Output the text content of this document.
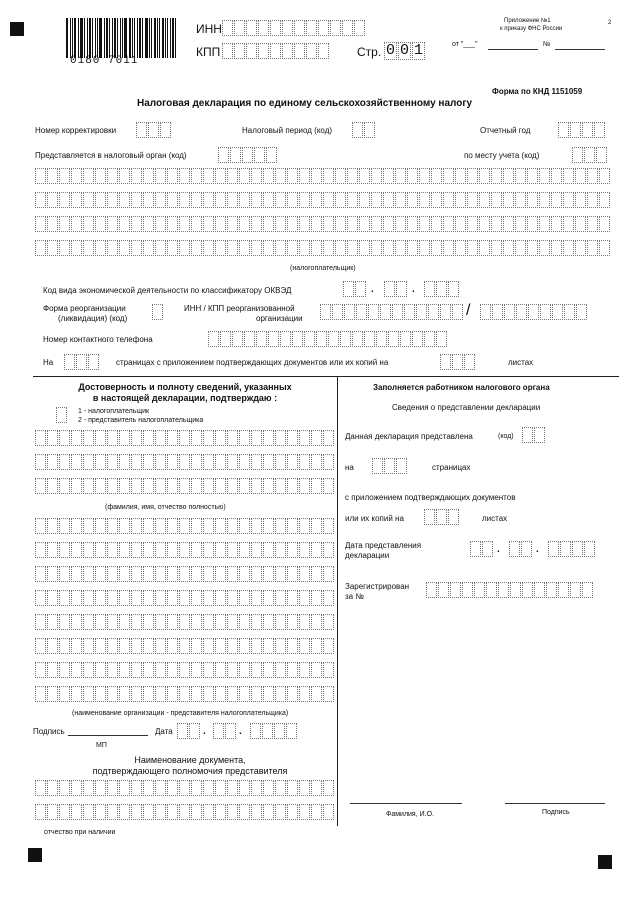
0180 7011
ИНН
КПП	Стр. 0 0 1
Приложение №1
к приказу ФНС России
2
от "___"	№
Форма по КНД 1151059
Налоговая декларация по единому сельскохозяйственному налогу
Номер корректировки	Налоговый период (код)	Отчетный год
Представляется в налоговый орган (код)	по месту учета (код)
(налогоплательщик)
Код вида экономической деятельности по классификатору ОКВЭД	.	.
Форма реорганизации
(ликвидация) (код)
ИНН / КПП реорганизованной
организации	/
Номер контактного телефона
На	страницах с приложением подтверждающих документов или их копий на	листах
Достоверность и полноту сведений, указанных
в настоящей декларации, подтверждаю :
1 - налогоплательщик
2 - представитель налогоплательщика
(фамилия, имя, отчество полностью)
(наименование организации - представителя налогоплательщика)
Подпись	Дата	.	.
МП
Наименование документа,
подтверждающего полномочия представителя
отчество при наличии
Заполняется работником налогового органа
Сведения о представлении декларации
Данная декларация представлена	(код)
на	страницах
с приложением подтверждающих документов
или их копий на	листах
Дата представления
декларации
.	.
Зарегистрирован
за №
Фамилия, И.О.	Подпись
